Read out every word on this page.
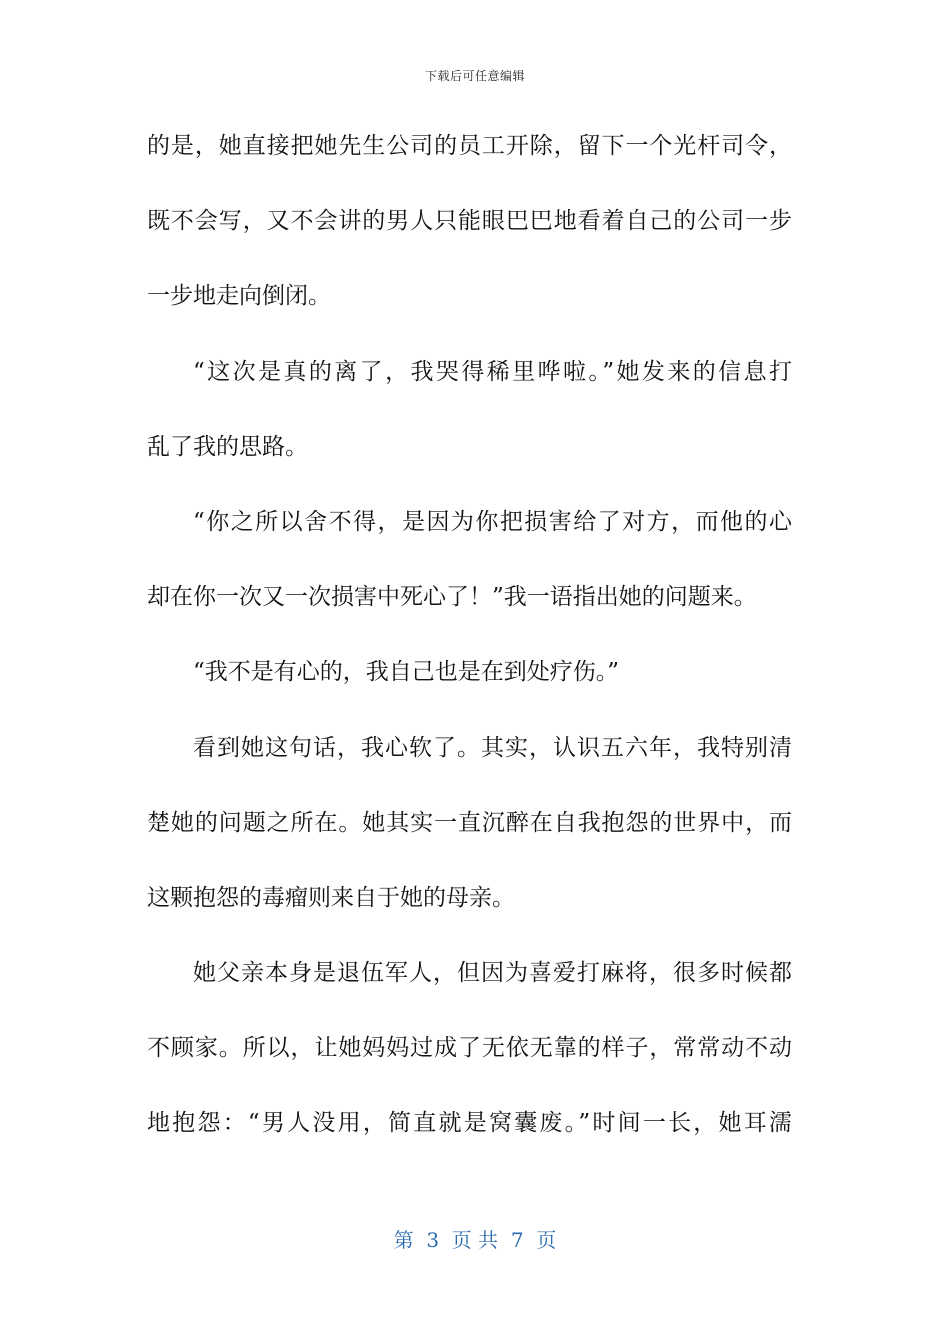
下载后可任意编辑
的是，她直接把她先生公司的员工开除，留下一个光杆司令，
既不会写，又不会讲的男人只能眼巴巴地看着自己的公司一步
一步地走向倒闭。
“这次是真的离了，我哭得稀里哗啦。”她发来的信息打
乱了我的思路。
“你之所以舍不得，是因为你把损害给了对方，而他的心
却在你一次又一次损害中死心了！”我一语指出她的问题来。
“我不是有心的，我自己也是在到处疗伤。”
看到她这句话，我心软了。其实，认识五六年，我特别清
楚她的问题之所在。她其实一直沉醉在自我抱怨的世界中，而
这颗抱怨的毒瘤则来自于她的母亲。
她父亲本身是退伍军人，但因为喜爱打麻将，很多时候都
不顾家。所以，让她妈妈过成了无依无靠的样子，常常动不动
地抱怨：“男人没用，简直就是窝囊废。”时间一长，她耳濡
第  3  页 共  7  页
